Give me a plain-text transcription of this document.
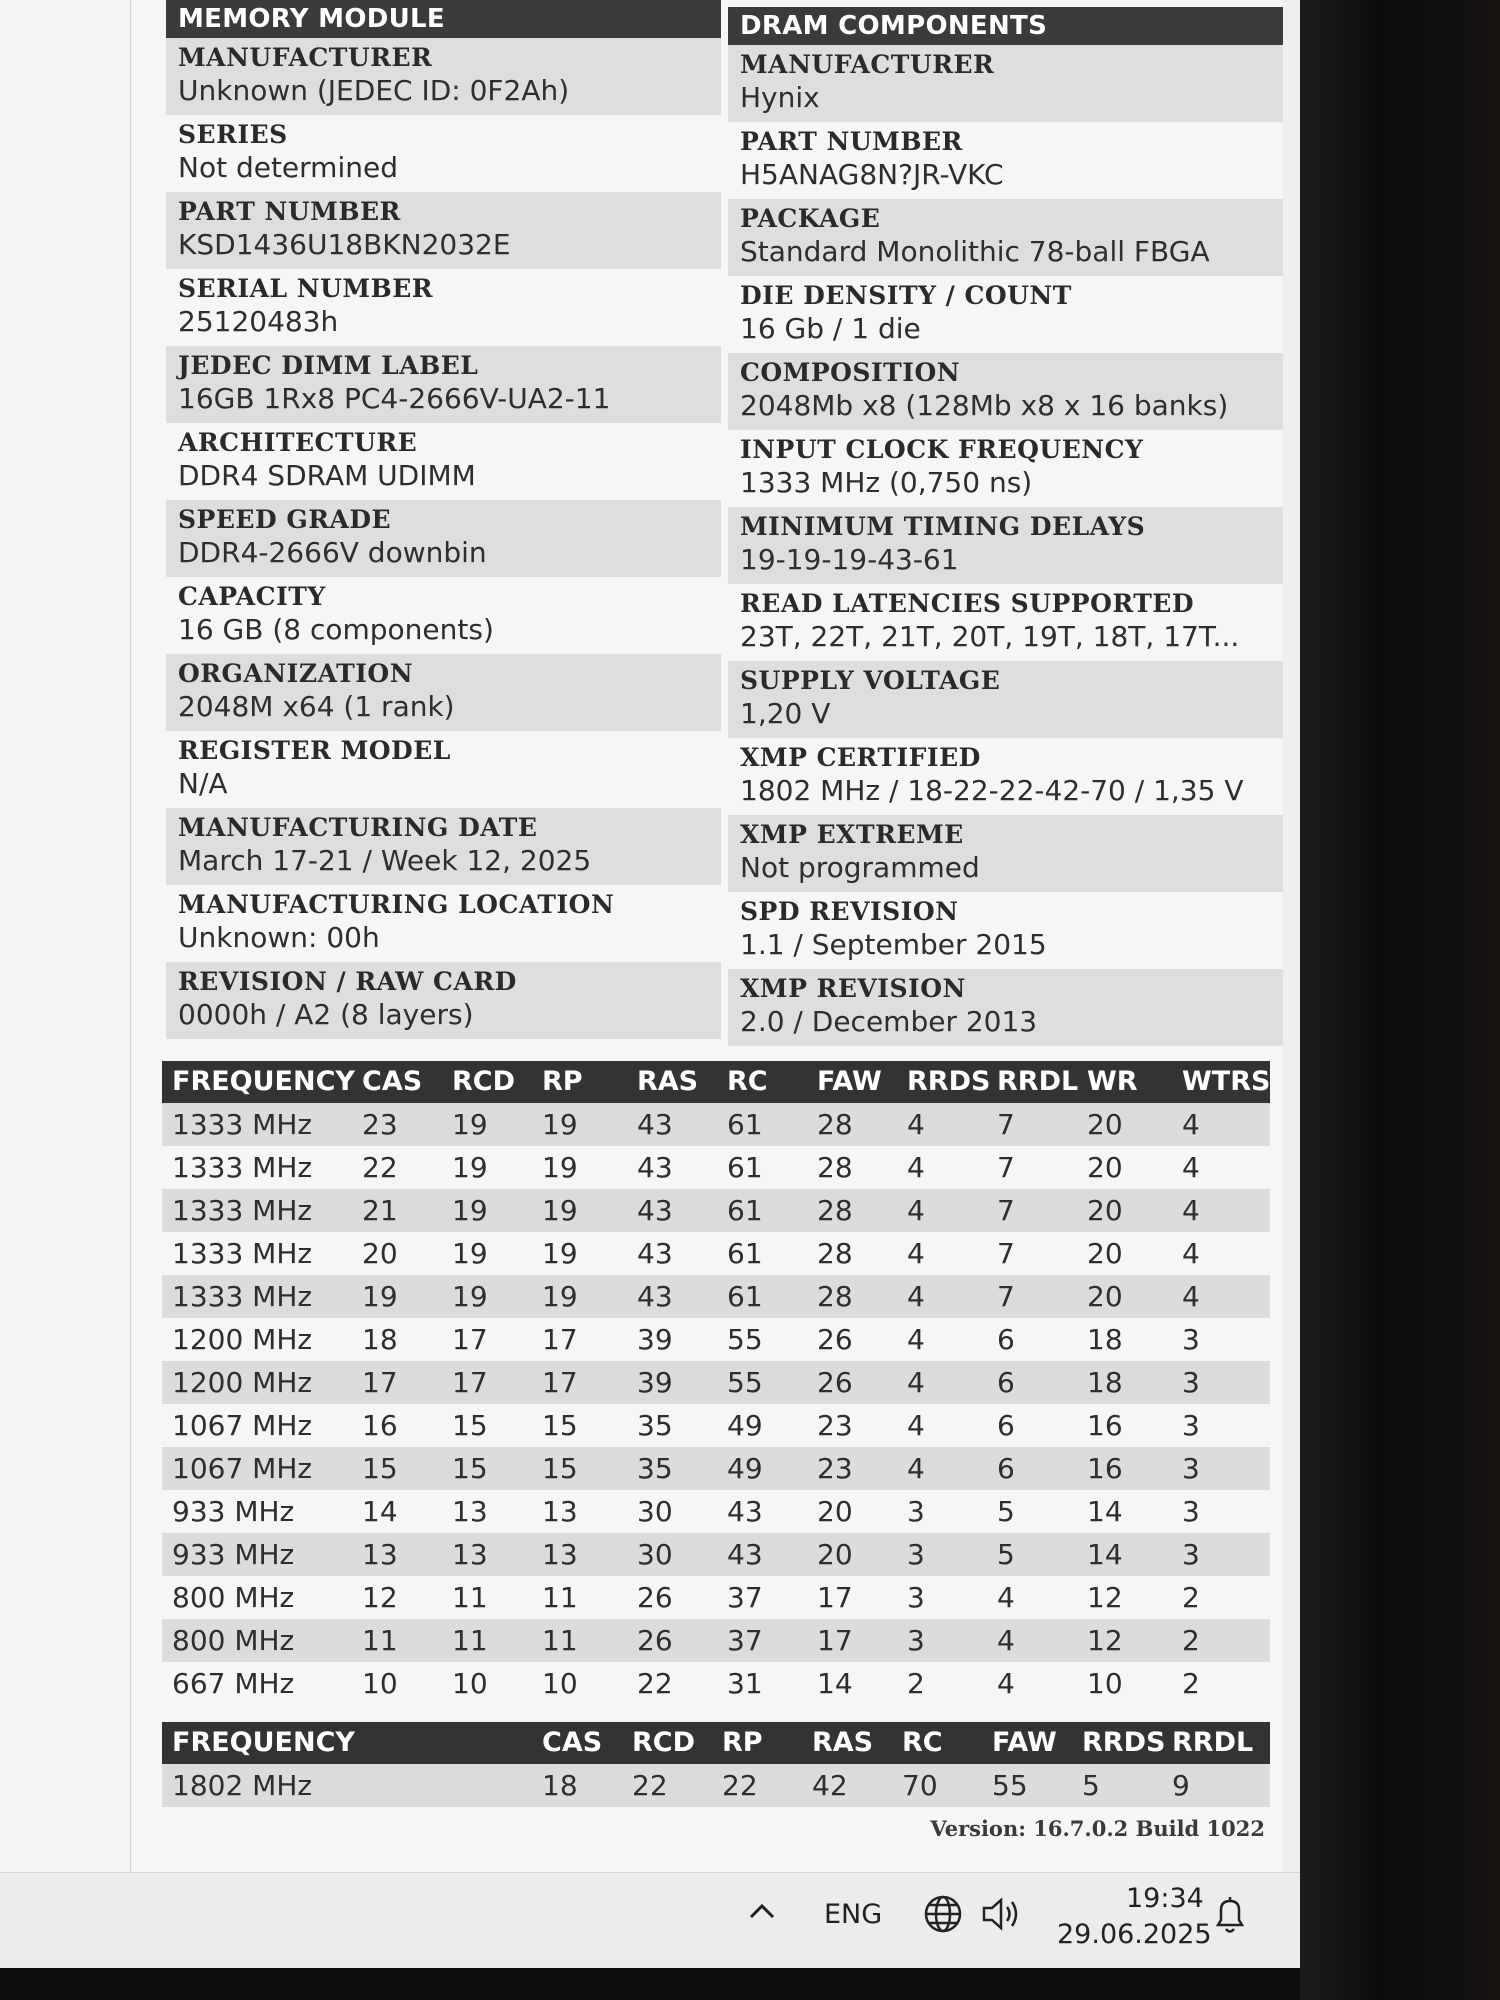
MEMORY MODULE
MANUFACTURER
Unknown (JEDEC ID: 0F2Ah)
SERIES
Not determined
PART NUMBER
KSD1436U18BKN2032E
SERIAL NUMBER
25120483h
JEDEC DIMM LABEL
16GB 1Rx8 PC4-2666V-UA2-11
ARCHITECTURE
DDR4 SDRAM UDIMM
SPEED GRADE
DDR4-2666V downbin
CAPACITY
16 GB (8 components)
ORGANIZATION
2048M x64 (1 rank)
REGISTER MODEL
N/A
MANUFACTURING DATE
March 17-21 / Week 12, 2025
MANUFACTURING LOCATION
Unknown: 00h
REVISION / RAW CARD
0000h / A2 (8 layers)
DRAM COMPONENTS
MANUFACTURER
Hynix
PART NUMBER
H5ANAG8N?JR-VKC
PACKAGE
Standard Monolithic 78-ball FBGA
DIE DENSITY / COUNT
16 Gb / 1 die
COMPOSITION
2048Mb x8 (128Mb x8 x 16 banks)
INPUT CLOCK FREQUENCY
1333 MHz (0,750 ns)
MINIMUM TIMING DELAYS
19-19-19-43-61
READ LATENCIES SUPPORTED
23T, 22T, 21T, 20T, 19T, 18T, 17T...
SUPPLY VOLTAGE
1,20 V
XMP CERTIFIED
1802 MHz / 18-22-22-42-70 / 1,35 V
XMP EXTREME
Not programmed
SPD REVISION
1.1 / September 2015
XMP REVISION
2.0 / December 2013
FREQUENCY CAS RCD RP RAS RC FAW RRDS RRDL WR WTRS
1333 MHz 23 19 19 43 61 28 4	7	20 4
1333 MHz 22 19 19 43 61 28 4	7	20 4
1333 MHz 21 19 19 43 61 28 4	7	20 4
1333 MHz 20 19 19 43 61 28 4	7	20 4
1333 MHz 19 19 19 43 61 28 4	7	20 4
1200 MHz 18 17 17 39 55 26 4	6	18 3
1200 MHz 17 17 17 39 55 26 4	6	18 3
1067 MHz 16 15 15 35 49 23 4	6	16 3
1067 MHz 15 15 15 35 49 23 4	6	16 3
933 MHz 14 13 13 30 43 20 3	5	14 3
933 MHz 13 13 13 30 43 20 3	5	14 3
800 MHz 12 11 11 26 37 17 3	4	12 2
800 MHz 11 11 11 26 37 17 3	4	12 2
667 MHz 10 10 10 22 31 14 2	4	10 2
FREQUENCY	CAS RCD RP RAS RC FAW RRDS RRDL
1802 MHz	18 22 22 42 70 55 5	9
Version: 16.7.0.2 Build 1022
ENG
19:34
29.06.2025
